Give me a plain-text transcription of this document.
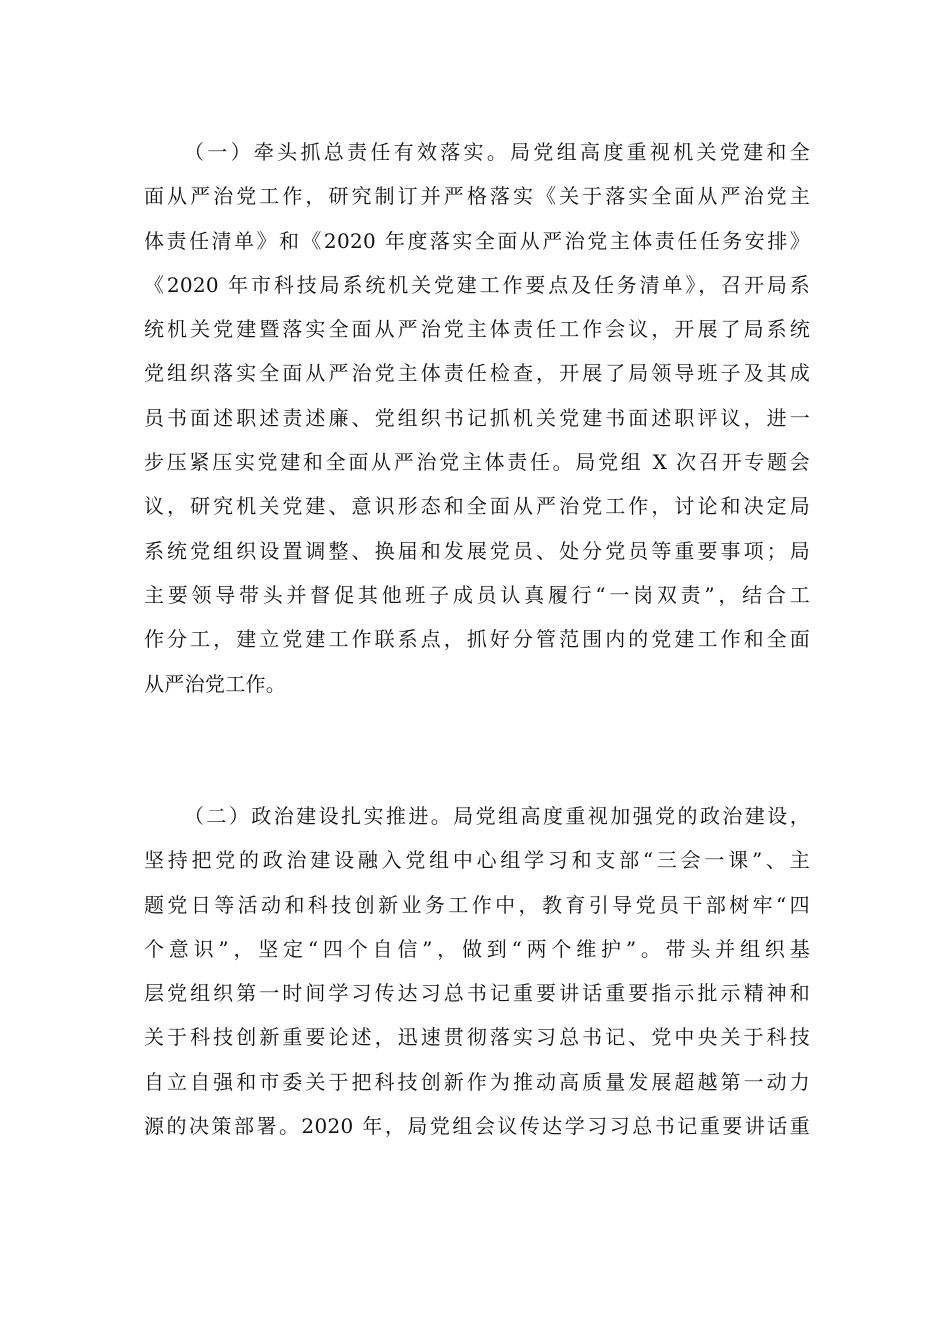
（一）牵头抓总责任有效落实。局党组高度重视机关党建和全
面从严治党工作，研究制订并严格落实《关于落实全面从严治党主
体责任清单》和《2020 年度落实全面从严治党主体责任任务安排》
《2020 年市科技局系统机关党建工作要点及任务清单》，召开局系
统机关党建暨落实全面从严治党主体责任工作会议，开展了局系统
党组织落实全面从严治党主体责任检查，开展了局领导班子及其成
员书面述职述责述廉、党组织书记抓机关党建书面述职评议，进一
步压紧压实党建和全面从严治党主体责任。局党组 X 次召开专题会
议，研究机关党建、意识形态和全面从严治党工作，讨论和决定局
系统党组织设置调整、换届和发展党员、处分党员等重要事项；局
主要领导带头并督促其他班子成员认真履行“一岗双责”，结合工
作分工，建立党建工作联系点，抓好分管范围内的党建工作和全面
从严治党工作。
（二）政治建设扎实推进。局党组高度重视加强党的政治建设，
坚持把党的政治建设融入党组中心组学习和支部“三会一课”、主
题党日等活动和科技创新业务工作中，教育引导党员干部树牢“四
个意识”，坚定“四个自信”，做到“两个维护”。带头并组织基
层党组织第一时间学习传达习总书记重要讲话重要指示批示精神和
关于科技创新重要论述，迅速贯彻落实习总书记、党中央关于科技
自立自强和市委关于把科技创新作为推动高质量发展超越第一动力
源的决策部署。2020 年，局党组会议传达学习习总书记重要讲话重
